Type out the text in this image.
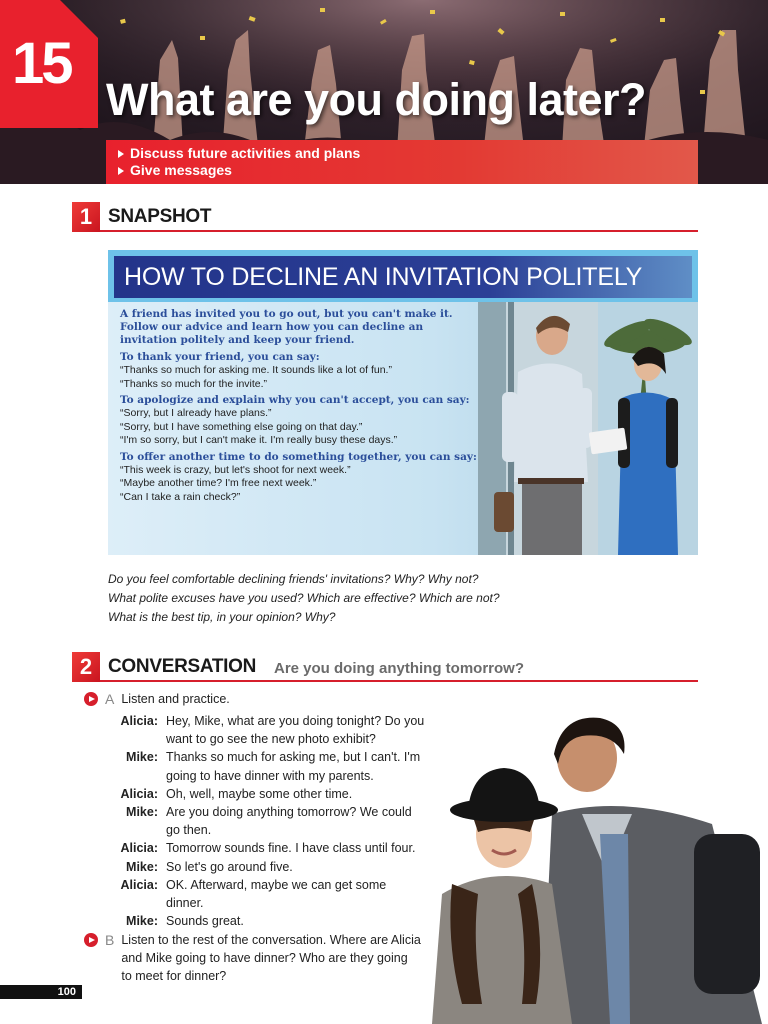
15
What are you doing later?
Discuss future activities and plans
Give messages
1 SNAPSHOT
HOW TO DECLINE AN INVITATION POLITELY
A friend has invited you to go out, but you can't make it. Follow our advice and learn how you can decline an invitation politely and keep your friend.
To thank your friend, you can say:
“Thanks so much for asking me. It sounds like a lot of fun.”
“Thanks so much for the invite.”
To apologize and explain why you can't accept, you can say:
“Sorry, but I already have plans.”
“Sorry, but I have something else going on that day.”
“I'm so sorry, but I can't make it. I'm really busy these days.”
To offer another time to do something together, you can say:
“This week is crazy, but let's shoot for next week.”
“Maybe another time? I'm free next week.”
“Can I take a rain check?”
Do you feel comfortable declining friends' invitations? Why? Why not?
What polite excuses have you used? Which are effective? Which are not?
What is the best tip, in your opinion? Why?
2 CONVERSATION Are you doing anything tomorrow?
A Listen and practice.
Alicia: Hey, Mike, what are you doing tonight? Do you want to go see the new photo exhibit?
Mike: Thanks so much for asking me, but I can't. I'm going to have dinner with my parents.
Alicia: Oh, well, maybe some other time.
Mike: Are you doing anything tomorrow? We could go then.
Alicia: Tomorrow sounds fine. I have class until four.
Mike: So let's go around five.
Alicia: OK. Afterward, maybe we can get some dinner.
Mike: Sounds great.
B Listen to the rest of the conversation. Where are Alicia and Mike going to have dinner? Who are they going to meet for dinner?
100
